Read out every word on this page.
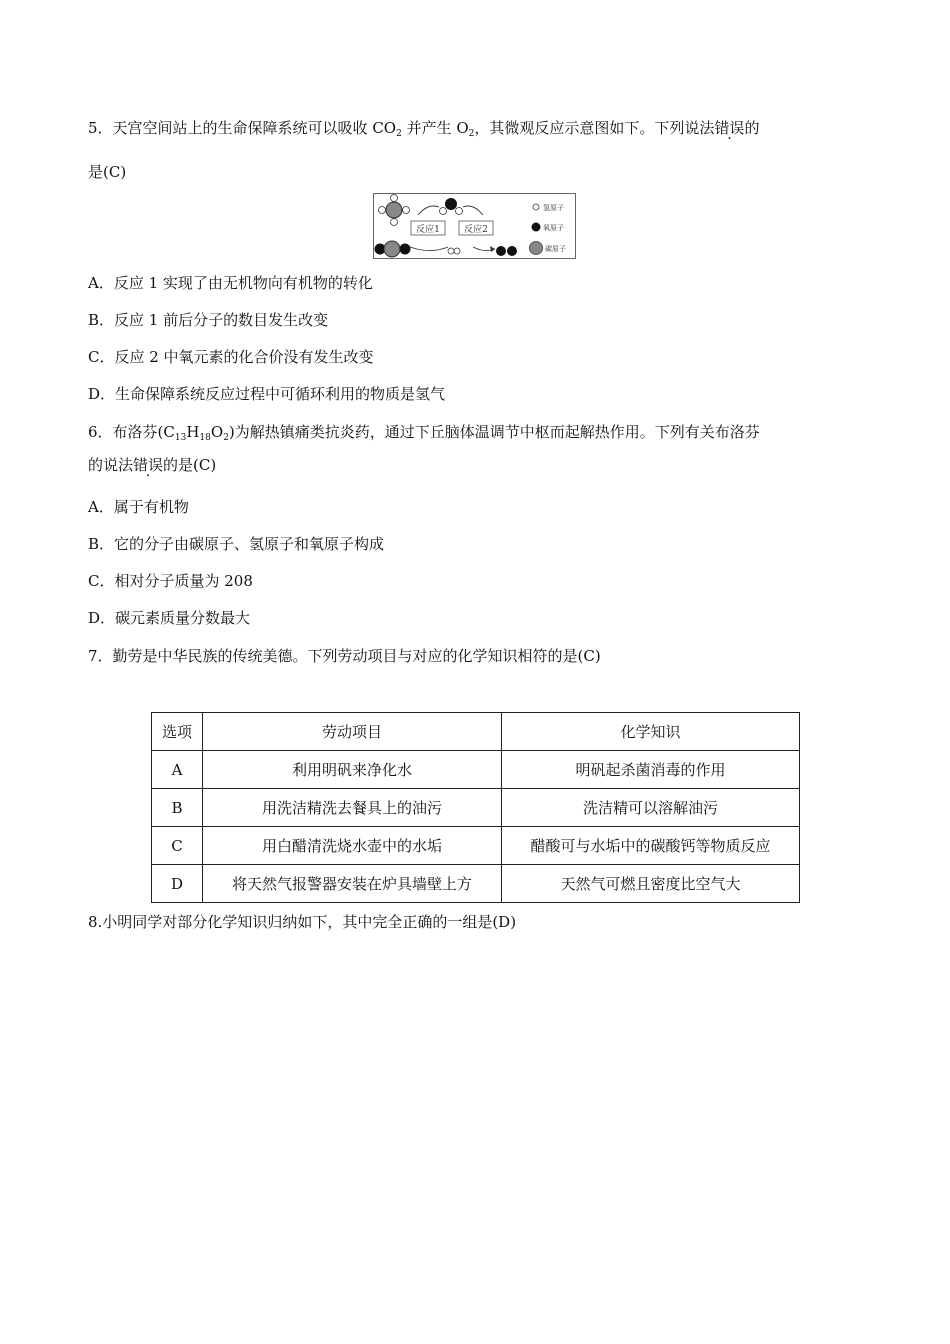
5．天宫空间站上的生命保障系统可以吸收 $CO_2$ 并产生 $O_2$，其微观反应示意图如下。下列说法错误的
是(C)
反应1	反应2
氢原子
氧原子
碳原子
A．反应 1 实现了由无机物向有机物的转化
B．反应 1 前后分子的数目发生改变
C．反应 2 中氧元素的化合价没有发生改变
D．生命保障系统反应过程中可循环利用的物质是氢气
6．布洛芬$(C_{13}H_{18}O_2)$为解热镇痛类抗炎药，通过下丘脑体温调节中枢而起解热作用。下列有关布洛芬
的说法错误的是(C)
A．属于有机物
B．它的分子由碳原子、氢原子和氧原子构成
C．相对分子质量为 208
D．碳元素质量分数最大
7．勤劳是中华民族的传统美德。下列劳动项目与对应的化学知识相符的是(C)
选项	劳动项目	化学知识
A	利用明矾来净化水	明矾起杀菌消毒的作用
B	用洗洁精洗去餐具上的油污	洗洁精可以溶解油污
C	用白醋清洗烧水壶中的水垢	醋酸可与水垢中的碳酸钙等物质反应
D	将天然气报警器安装在炉具墙壁上方	天然气可燃且密度比空气大
8.小明同学对部分化学知识归纳如下，其中完全正确的一组是(D)
